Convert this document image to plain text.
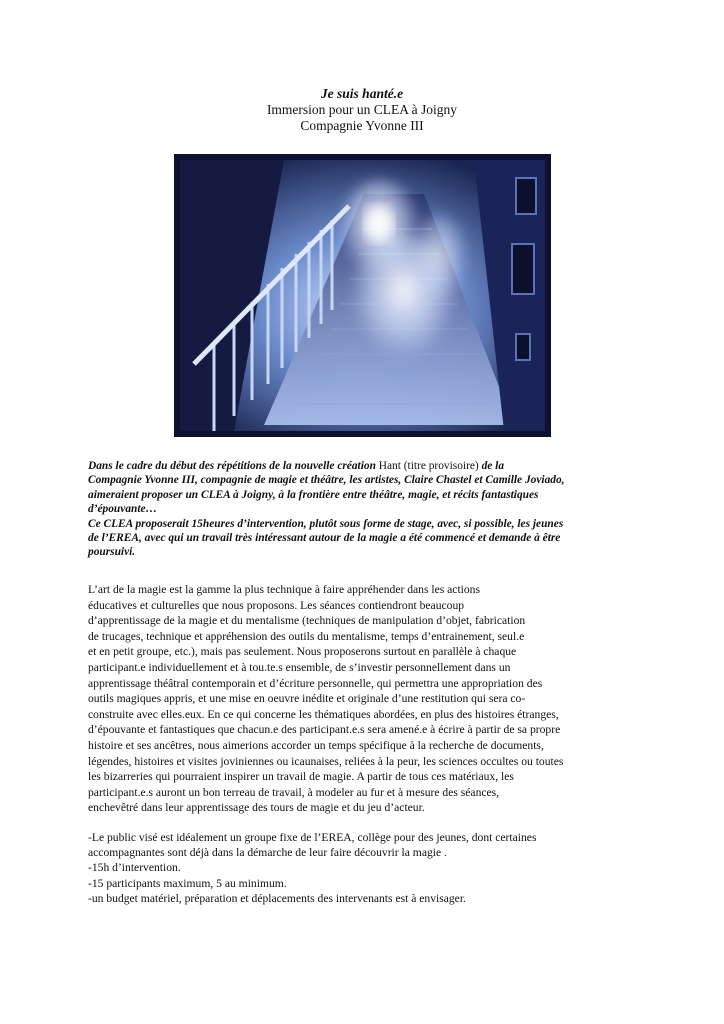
Je suis hanté.e
Immersion pour un CLEA à Joigny
Compagnie Yvonne III
Dans le cadre du début des répétitions de la nouvelle création Hant (titre provisoire) de la
Compagnie Yvonne III, compagnie de magie et théâtre, les artistes, Claire Chastel et Camille Joviado,
aimeraient proposer un CLEA à Joigny, à la frontière entre théâtre, magie, et récits fantastiques
d’épouvante…
Ce CLEA proposerait 15heures d’intervention, plutôt sous forme de stage, avec, si possible, les jeunes
de l’EREA, avec qui un travail très intéressant autour de la magie a été commencé et demande à être
poursuivi.
L’art de la magie est la gamme la plus technique à faire appréhender dans les actions
éducatives et culturelles que nous proposons. Les séances contiendront beaucoup
d’apprentissage de la magie et du mentalisme (techniques de manipulation d’objet, fabrication
de trucages, technique et appréhension des outils du mentalisme, temps d’entrainement, seul.e
et en petit groupe, etc.), mais pas seulement. Nous proposerons surtout en parallèle à chaque
participant.e individuellement et à tou.te.s ensemble, de s’investir personnellement dans un
apprentissage théâtral contemporain et d’écriture personnelle, qui permettra une appropriation des
outils magiques appris, et une mise en oeuvre inédite et originale d’une restitution qui sera co-
construite avec elles.eux. En ce qui concerne les thématiques abordées, en plus des histoires étranges,
d’épouvante et fantastiques que chacun.e des participant.e.s sera amené.e à écrire à partir de sa propre
histoire et ses ancêtres, nous aimerions accorder un temps spécifique à la recherche de documents,
légendes, histoires et visites joviniennes ou icaunaises, reliées à la peur, les sciences occultes ou toutes
les bizarreries qui pourraient inspirer un travail de magie. A partir de tous ces matériaux, les
participant.e.s auront un bon terreau de travail, à modeler au fur et à mesure des séances,
enchevêtré dans leur apprentissage des tours de magie et du jeu d’acteur.
-Le public visé est idéalement un groupe fixe de l’EREA, collège pour des jeunes, dont certaines
accompagnantes sont déjà dans la démarche de leur faire découvrir la magie .
-15h d’intervention.
-15 participants maximum, 5 au minimum.
-un budget matériel, préparation et déplacements des intervenants est à envisager.
